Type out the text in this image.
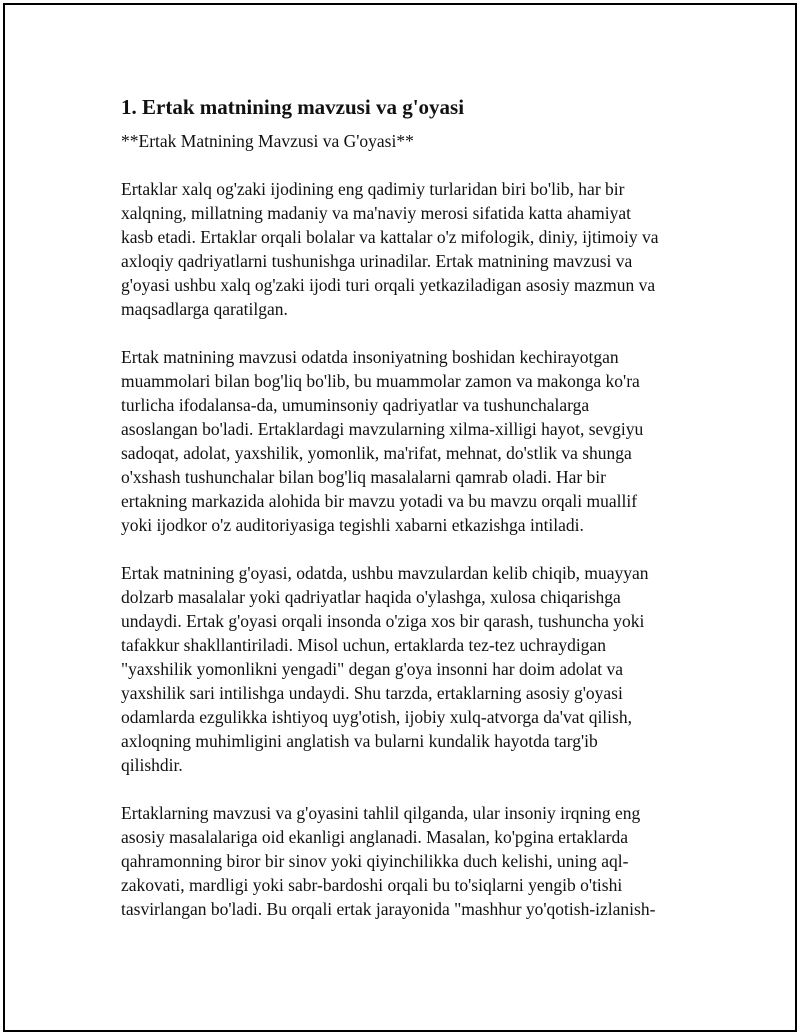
1. Ertak matnining mavzusi va g'oyasi
**Ertak Matnining Mavzusi va G'oyasi**
Ertaklar xalq og'zaki ijodining eng qadimiy turlaridan biri bo'lib, har bir
xalqning, millatning madaniy va ma'naviy merosi sifatida katta ahamiyat
kasb etadi. Ertaklar orqali bolalar va kattalar o'z mifologik, diniy, ijtimoiy va
axloqiy qadriyatlarni tushunishga urinadilar. Ertak matnining mavzusi va
g'oyasi ushbu xalq og'zaki ijodi turi orqali yetkaziladigan asosiy mazmun va
maqsadlarga qaratilgan.
Ertak matnining mavzusi odatda insoniyatning boshidan kechirayotgan
muammolari bilan bog'liq bo'lib, bu muammolar zamon va makonga ko'ra
turlicha ifodalansa-da, umuminsoniy qadriyatlar va tushunchalarga
asoslangan bo'ladi. Ertaklardagi mavzularning xilma-xilligi hayot, sevgiyu
sadoqat, adolat, yaxshilik, yomonlik, ma'rifat, mehnat, do'stlik va shunga
o'xshash tushunchalar bilan bog'liq masalalarni qamrab oladi. Har bir
ertakning markazida alohida bir mavzu yotadi va bu mavzu orqali muallif
yoki ijodkor o'z auditoriyasiga tegishli xabarni etkazishga intiladi.
Ertak matnining g'oyasi, odatda, ushbu mavzulardan kelib chiqib, muayyan
dolzarb masalalar yoki qadriyatlar haqida o'ylashga, xulosa chiqarishga
undaydi. Ertak g'oyasi orqali insonda o'ziga xos bir qarash, tushuncha yoki
tafakkur shakllantiriladi. Misol uchun, ertaklarda tez-tez uchraydigan
"yaxshilik yomonlikni yengadi" degan g'oya insonni har doim adolat va
yaxshilik sari intilishga undaydi. Shu tarzda, ertaklarning asosiy g'oyasi
odamlarda ezgulikka ishtiyoq uyg'otish, ijobiy xulq-atvorga da'vat qilish,
axloqning muhimligini anglatish va bularni kundalik hayotda targ'ib
qilishdir.
Ertaklarning mavzusi va g'oyasini tahlil qilganda, ular insoniy irqning eng
asosiy masalalariga oid ekanligi anglanadi. Masalan, ko'pgina ertaklarda
qahramonning biror bir sinov yoki qiyinchilikka duch kelishi, uning aql-
zakovati, mardligi yoki sabr-bardoshi orqali bu to'siqlarni yengib o'tishi
tasvirlangan bo'ladi. Bu orqali ertak jarayonida "mashhur yo'qotish-izlanish-
